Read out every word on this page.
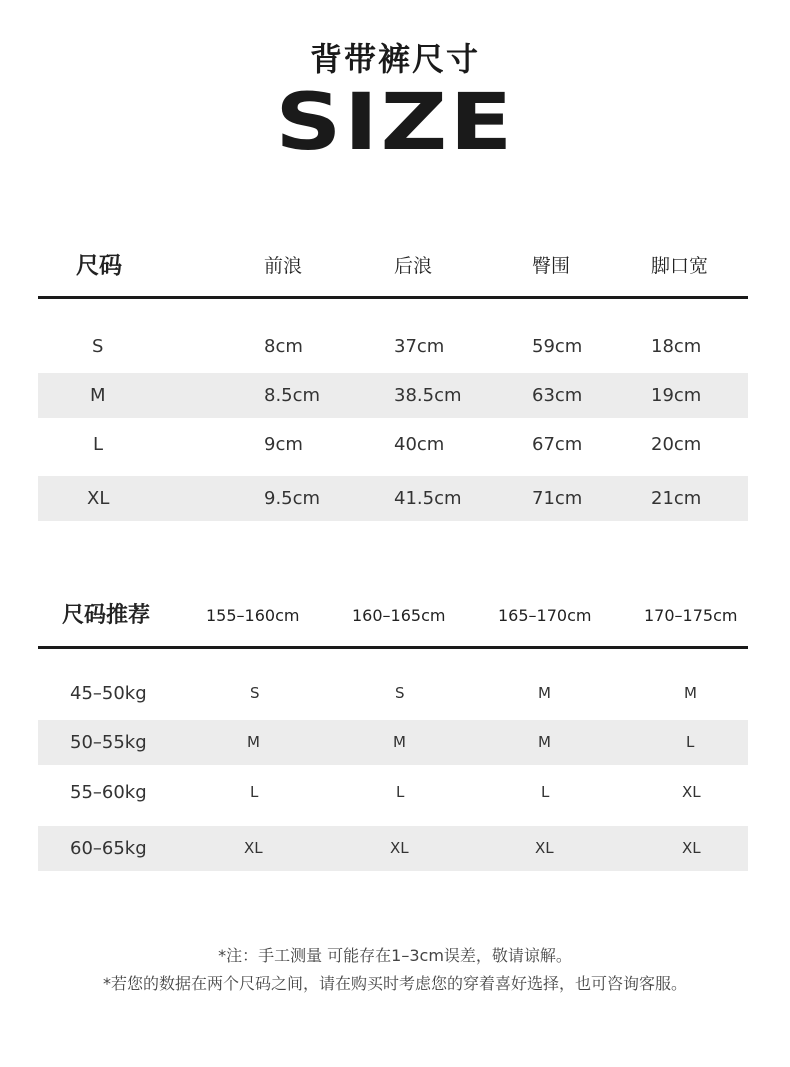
背带裤尺寸
SIZE
尺码	前浪	后浪	臀围	脚口宽
S	8cm	37cm	59cm	18cm
M	8.5cm	38.5cm	63cm	19cm
L	9cm	40cm	67cm	20cm
XL	9.5cm	41.5cm	71cm	21cm
尺码推荐	155–160cm	160–165cm	165–170cm	170–175cm
45–50kg	S	S	M	M
50–55kg	M	M	M	L
55–60kg	L	L	L	XL
60–65kg	XL	XL	XL	XL
*注：手工测量 可能存在1–3cm误差，敬请谅解。
*若您的数据在两个尺码之间，请在购买时考虑您的穿着喜好选择，也可咨询客服。
